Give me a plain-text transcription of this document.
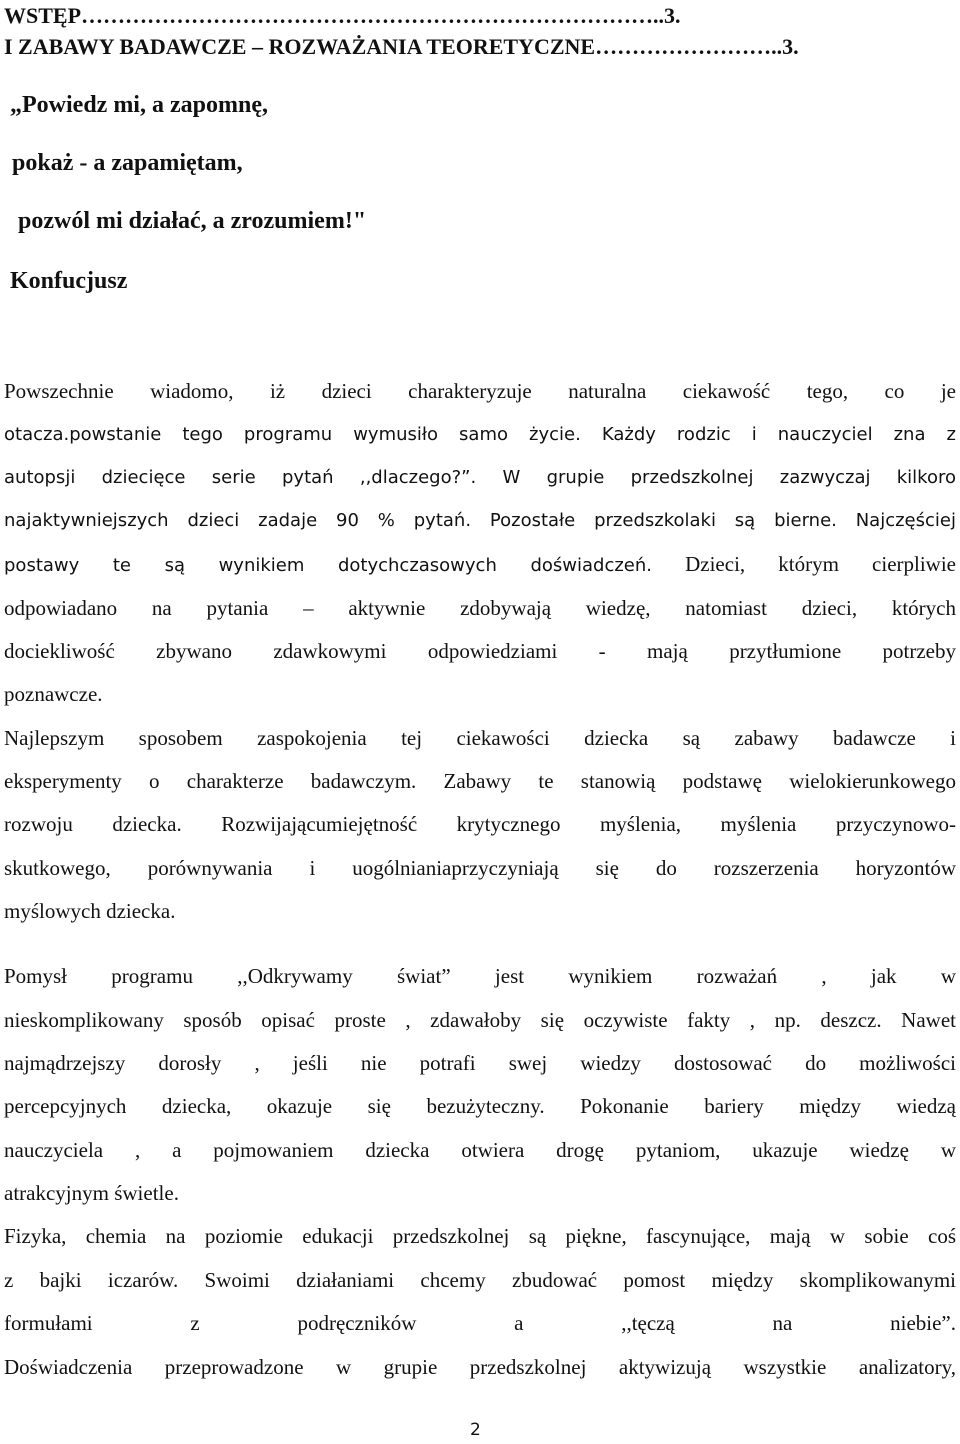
WSTĘP……………………………………………………………………..3.
I ZABAWY BADAWCZE – ROZWAŻANIA TEORETYCZNE……………………..3.
„Powiedz mi, a zapomnę,
pokaż - a zapamiętam,
pozwól mi działać, a zrozumiem!"
Konfucjusz
Powszechnie wiadomo, iż dzieci charakteryzuje naturalna ciekawość tego, co je
otacza.powstanie tego programu wymusiło samo życie. Każdy rodzic i nauczyciel zna z
autopsji dziecięce serie pytań ,,dlaczego?”. W grupie przedszkolnej zazwyczaj kilkoro
najaktywniejszych dzieci zadaje 90 % pytań. Pozostałe przedszkolaki są bierne. Najczęściej
postawy te są wynikiem dotychczasowych doświadczeń. Dzieci, którym cierpliwie
odpowiadano na pytania – aktywnie zdobywają wiedzę, natomiast dzieci, których
dociekliwość zbywano zdawkowymi odpowiedziami - mają przytłumione potrzeby
poznawcze.
Najlepszym sposobem zaspokojenia tej ciekawości dziecka są zabawy badawcze i
eksperymenty o charakterze badawczym. Zabawy te stanowią podstawę wielokierunkowego
rozwoju dziecka. Rozwijającumiejętność krytycznego myślenia, myślenia przyczynowo-
skutkowego, porównywania i uogólnianiaprzyczyniają się do rozszerzenia horyzontów
myślowych dziecka.
Pomysł programu ,,Odkrywamy świat” jest wynikiem rozważań , jak w
nieskomplikowany sposób opisać proste , zdawałoby się oczywiste fakty , np. deszcz. Nawet
najmądrzejszy dorosły , jeśli nie potrafi swej wiedzy dostosować do możliwości
percepcyjnych dziecka, okazuje się bezużyteczny. Pokonanie bariery między wiedzą
nauczyciela , a pojmowaniem dziecka otwiera drogę pytaniom, ukazuje wiedzę w
atrakcyjnym świetle.
Fizyka, chemia na poziomie edukacji przedszkolnej są piękne, fascynujące, mają w sobie coś
z bajki iczarów. Swoimi działaniami chcemy zbudować pomost między skomplikowanymi
formułami z podręczników a ,,tęczą na niebie”.
Doświadczenia przeprowadzone w grupie przedszkolnej aktywizują wszystkie analizatory,
2
